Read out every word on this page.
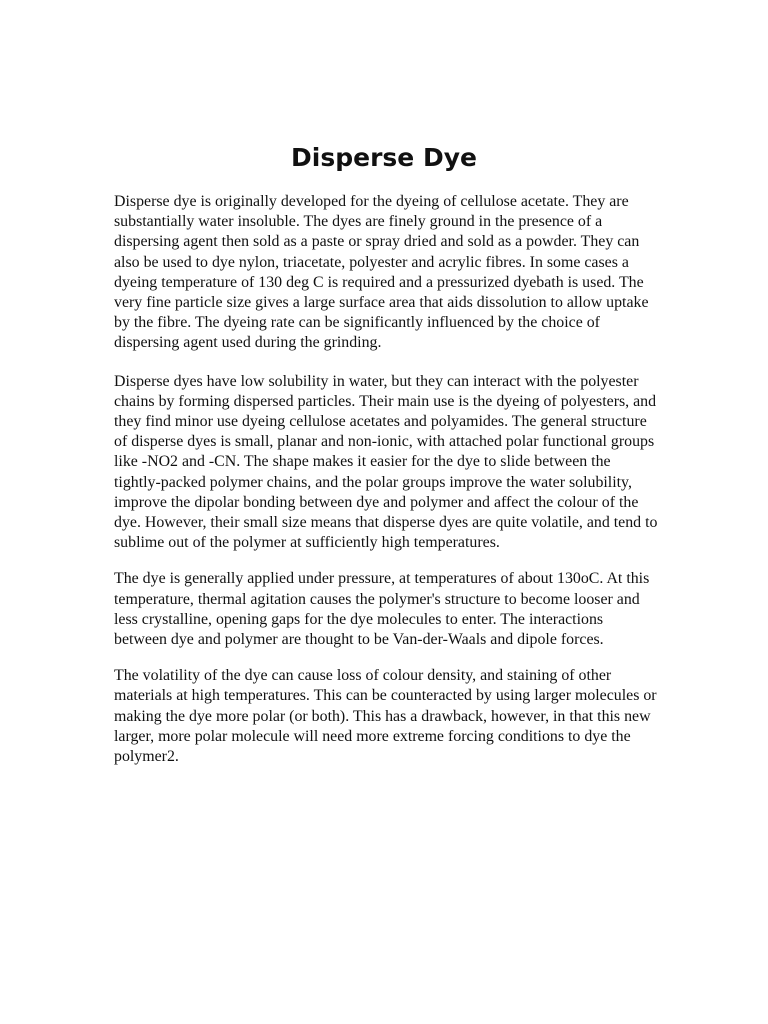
Disperse Dye

Disperse dye is originally developed for the dyeing of cellulose acetate. They are substantially water insoluble. The dyes are finely ground in the presence of a dispersing agent then sold as a paste or spray dried and sold as a powder. They can also be used to dye nylon, triacetate, polyester and acrylic fibres. In some cases a dyeing temperature of 130 deg C is required and a pressurized dyebath is used. The very fine particle size gives a large surface area that aids dissolution to allow uptake by the fibre. The dyeing rate can be significantly influenced by the choice of dispersing agent used during the grinding.

Disperse dyes have low solubility in water, but they can interact with the polyester chains by forming dispersed particles. Their main use is the dyeing of polyesters, and they find minor use dyeing cellulose acetates and polyamides. The general structure of disperse dyes is small, planar and non-ionic, with attached polar functional groups like -NO2 and -CN. The shape makes it easier for the dye to slide between the tightly-packed polymer chains, and the polar groups improve the water solubility, improve the dipolar bonding between dye and polymer and affect the colour of the dye. However, their small size means that disperse dyes are quite volatile, and tend to sublime out of the polymer at sufficiently high temperatures.

The dye is generally applied under pressure, at temperatures of about 130oC. At this temperature, thermal agitation causes the polymer's structure to become looser and less crystalline, opening gaps for the dye molecules to enter. The interactions between dye and polymer are thought to be Van-der-Waals and dipole forces.

The volatility of the dye can cause loss of colour density, and staining of other materials at high temperatures. This can be counteracted by using larger molecules or making the dye more polar (or both). This has a drawback, however, in that this new larger, more polar molecule will need more extreme forcing conditions to dye the polymer2.
